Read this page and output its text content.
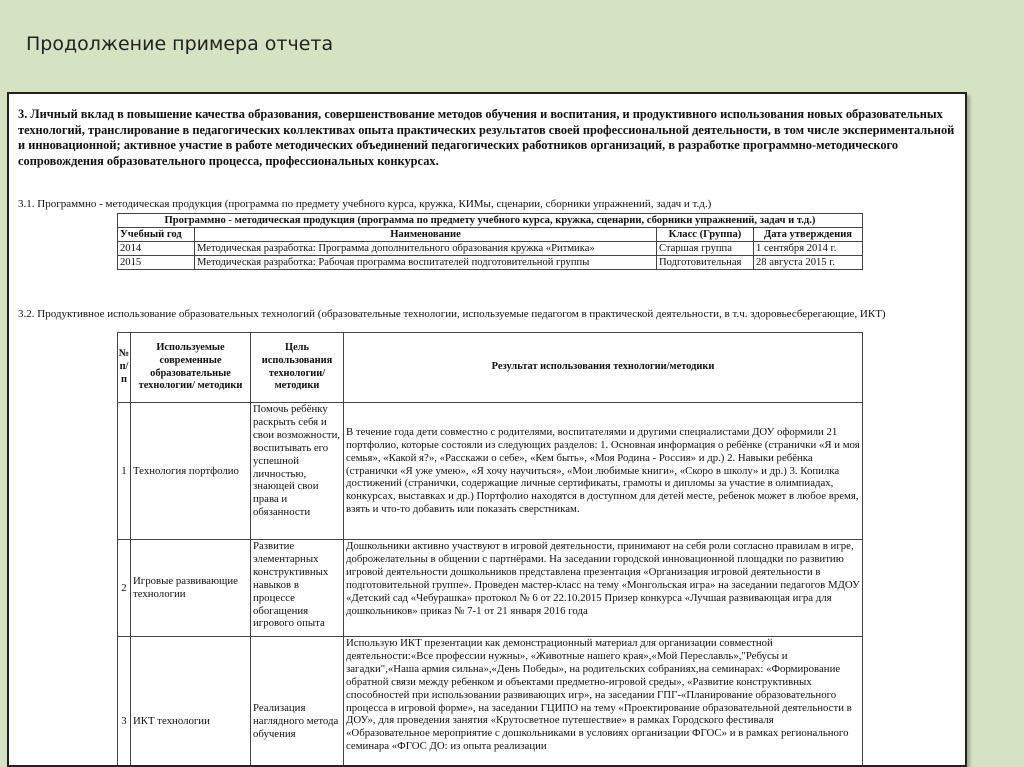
Продолжение примера отчета
3. Личный вклад в повышение качества образования, совершенствование методов обучения и воспитания, и продуктивного использования новых образовательных технологий, транслирование в педагогических коллективах опыта практических результатов своей профессиональной деятельности, в том числе экспериментальной и инновационной; активное участие в работе методических объединений педагогических работников организаций, в разработке программно-методического сопровождения образовательного процесса, профессиональных конкурсах.
3.1. Программно - методическая продукция (программа по предмету учебного курса, кружка, КИМы, сценарии, сборники упражнений, задач и т.д.)
Программно - методическая продукция (программа по предмету учебного курса, кружка, сценарии, сборники упражнений, задач и т.д.)			
Учебный год	Наименование	Класс (Группа)	Дата утверждения
2014	Методическая разработка: Программа дополнительного образования кружка «Ритмика»	Старшая группа	1 сентября 2014 г.
2015	Методическая разработка: Рабочая программа воспитателей подготовительной группы	Подготовительная	28 августа 2015 г.
3.2. Продуктивное использование образовательных технологий (образовательные технологии, используемые педагогом в практической деятельности, в т.ч. здоровьесберегающие, ИКТ)
№ п/п	Используемые современные образовательные технологии/ методики	Цель использования технологии/ методики	Результат использования технологии/методики
1	Технология портфолио	Помочь ребёнку раскрыть себя и свои возможности, воспитывать его успешной личностью, знающей свои права и обязанности	В течение года дети совместно с родителями, воспитателями и другими специалистами ДОУ оформили 21 портфолио, которые состояли из следующих разделов: 1. Основная информация о ребёнке (странички «Я и моя семья», «Какой я?», «Расскажи о себе», «Кем быть», «Моя Родина - Россия» и др.) 2. Навыки ребёнка (странички «Я уже умею», «Я хочу научиться», «Мои любимые книги», «Скоро в школу» и др.) 3. Копилка достижений (странички, содержащие личные сертификаты, грамоты и дипломы за участие в олимпиадах, конкурсах, выставках и др.) Портфолио находятся в доступном для детей месте, ребенок может в любое время, взять и что-то добавить или показать сверстникам.
2	Игровые развивающие технологии	Развитие элементарных конструктивных навыков в процессе обогащения игрового опыта	Дошкольники активно участвуют в игровой деятельности, принимают на себя роли согласно правилам в игре, доброжелательны в общении с партнёрами. На заседании городской инновационной площадки по развитию игровой деятельности дошкольников представлена презентация «Организация игровой деятельности в подготовительной группе». Проведен мастер-класс на тему «Монгольская игра» на заседании педагогов МДОУ «Детский сад «Чебурашка» протокол № 6 от 22.10.2015 Призер конкурса «Лучшая развивающая игра для дошкольников» приказ № 7-1 от 21 января 2016 года
3	ИКТ технологии	Реализация наглядного метода обучения	Использую ИКТ презентации как демонстрационный материал для организации совместной деятельности:«Все профессии нужны», «Животные нашего края»,«Мой Переславль»,"Ребусы и загадки",«Наша армия сильна»,«День Победы», на родительских собраниях,на семинарах: «Формирование обратной связи между ребенком и объектами предметно-игровой среды», «Развитие конструктивных способностей при использовании развивающих игр», на заседании ГПГ-«Планирование образовательного процесса в игровой форме», на заседании ГЦИПО на тему «Проектирование образовательной деятельности в ДОУ», для проведения занятия «Крутосветное путешествие» в рамках Городского фестиваля «Образовательное мероприятие с дошкольниками в условиях организации ФГОС» и в рамках регионального семинара «ФГОС ДО: из опыта реализации
